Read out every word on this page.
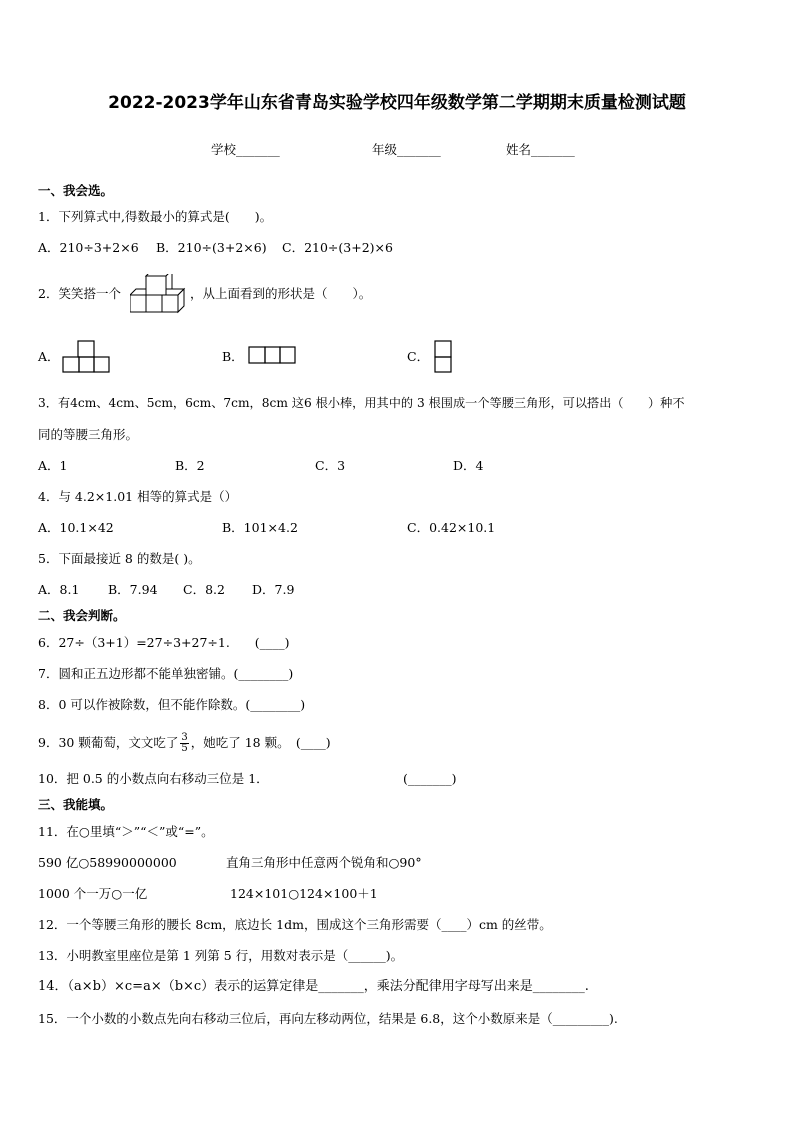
2022-2023学年山东省青岛实验学校四年级数学第二学期期末质量检测试题
学校_______	年级_______	姓名_______
一、我会选。
1．下列算式中,得数最小的算式是(　　)。
A．210÷3+2×6 B．210÷(3+2×6) C．210÷(3+2)×6
2．笑笑搭一个	，从上面看到的形状是（　　）。
A．	B．	C．
3．有4cm、4cm、5cm，6cm、7cm，8cm 这6 根小棒，用其中的 3 根围成一个等腰三角形，可以搭出（　　）种不
同的等腰三角形。
A．1	B．2	C．3	D．4
4．与 4.2×1.01 相等的算式是（）
A．10.1×42	B．101×4.2	C．0.42×10.1
5．下面最接近 8 的数是( )。
A．8.1 B．7.94 C．8.2 D．7.9
二、我会判断。
6．27÷（3+1）=27÷3+27÷1.　　(____)
7．圆和正五边形都不能单独密铺。(________)
8．0 可以作被除数，但不能作除数。(________)
9．30 颗葡萄，文文吃了 $\frac{3}{5}$ ，她吃了 18 颗。　(____)
10．把 0.5 的小数点向右移动三位是 1．	(_______)
三、我能填。
11．在○里填“＞”“＜”或“=”。
590 亿○58990000000	直角三角形中任意两个锐角和○90°
1000 个一万○一亿	124×101○124×100＋1
12．一个等腰三角形的腰长 8cm，底边长 1dm，围成这个三角形需要（____）cm 的丝带。
13．小明教室里座位是第 1 列第 5 行，用数对表示是（______)。
14．（a×b）×c=a×（b×c）表示的运算定律是_______，乘法分配律用字母写出来是________.
15．一个小数的小数点先向右移动三位后，再向左移动两位，结果是 6.8，这个小数原来是（_________).
